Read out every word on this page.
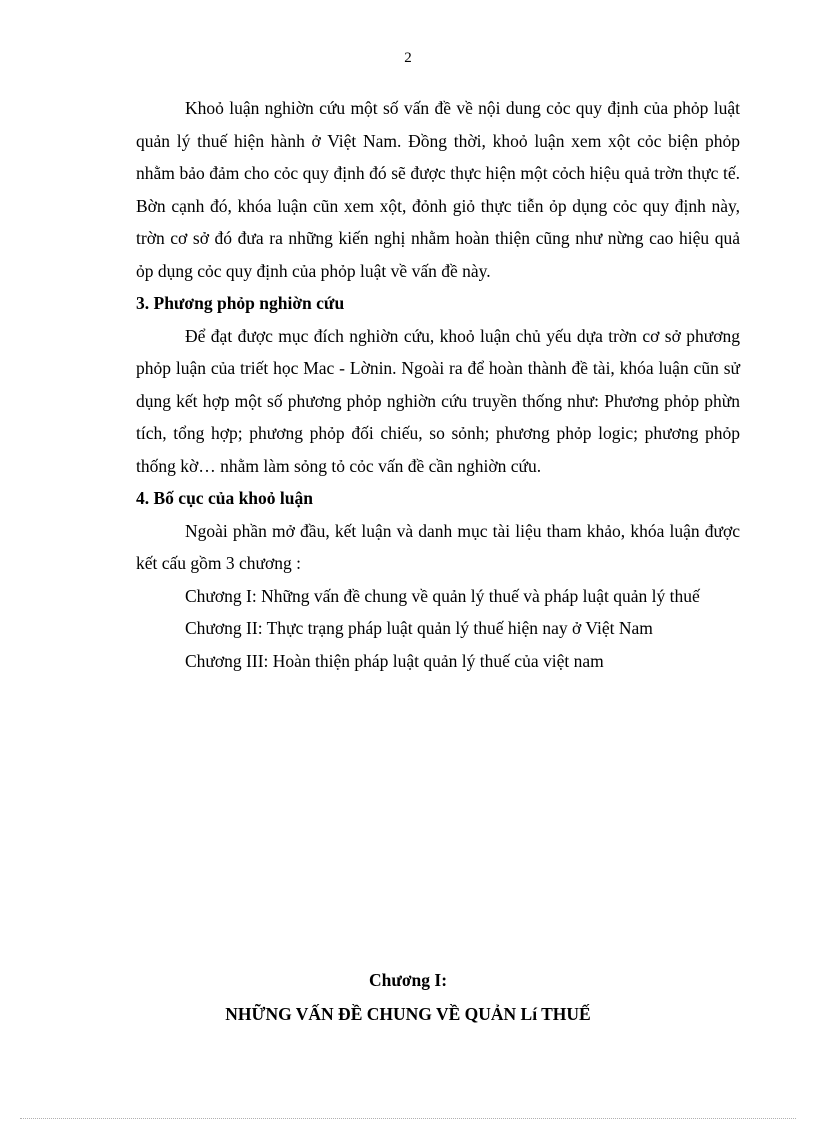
2

Khoỏ luận nghiờn cứu một số vấn đề về nội dung cỏc quy định của phỏp luật quản lý thuế hiện hành ở Việt Nam. Đồng thời, khoỏ luận xem xột cỏc biện phỏp nhằm bảo đảm cho cỏc quy định đó sẽ được thực hiện một cỏch hiệu quả trờn thực tế. Bờn cạnh đó, khóa luận cũn xem xột, đỏnh giỏ thực tiễn ỏp dụng cỏc quy định này, trờn cơ sở đó đưa ra những kiến nghị nhằm hoàn thiện cũng như nừng cao hiệu quả ỏp dụng cỏc quy định của phỏp luật về vấn đề này.

3. Phương phỏp nghiờn cứu

Để đạt được mục đích nghiờn cứu, khoỏ luận chủ yếu dựa trờn cơ sở phương phỏp luận của triết học Mac - Lờnin. Ngoài ra để hoàn thành đề tài, khóa luận cũn sử dụng kết hợp một số phương phỏp nghiờn cứu truyền thống như: Phương phỏp phừn tích, tổng hợp; phương phỏp đối chiếu, so sỏnh; phương phỏp logic; phương phỏp thống kờ… nhằm làm sỏng tỏ cỏc vấn đề cần nghiờn cứu.

4. Bố cục của khoỏ luận

Ngoài phần mở đầu, kết luận và danh mục tài liệu tham khảo, khóa luận được kết cấu gồm 3 chương :

Chương I: Những vấn đề chung về quản lý thuế và pháp luật quản lý thuế

Chương II: Thực trạng pháp luật quản lý thuế hiện nay ở Việt Nam

Chương III: Hoàn thiện pháp luật quản lý thuế của việt nam

Chương I:
NHỮNG VẤN ĐỀ CHUNG VỀ QUẢN Lí THUẾ
